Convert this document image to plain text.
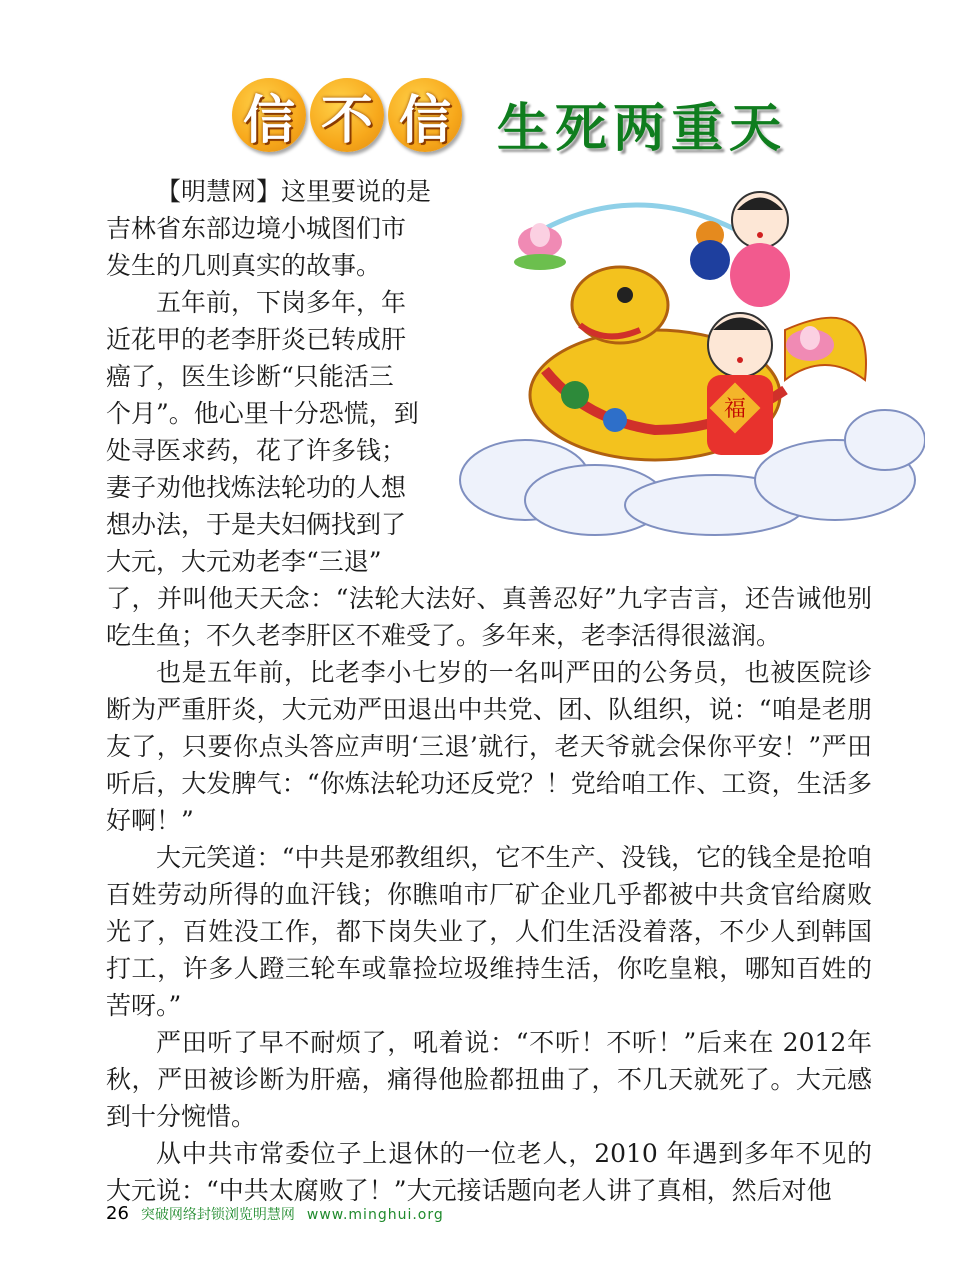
信 不 信 生死两重天
福
【明慧网】这里要说的是
吉林省东部边境小城图们市
发生的几则真实的故事。
五年前，下岗多年，年
近花甲的老李肝炎已转成肝
癌了，医生诊断“只能活三
个月”。他心里十分恐慌，到
处寻医求药，花了许多钱；
妻子劝他找炼法轮功的人想
想办法，于是夫妇俩找到了
大元，大元劝老李“三退”

了，并叫他天天念：“法轮大法好、真善忍好”九字吉言，还告诫他别吃生鱼；不久老李肝区不难受了。多年来，老李活得很滋润。

也是五年前，比老李小七岁的一名叫严田的公务员，也被医院诊断为严重肝炎，大元劝严田退出中共党、团、队组织，说：“咱是老朋友了，只要你点头答应声明‘三退’就行，老天爷就会保你平安！”严田听后，大发脾气：“你炼法轮功还反党？！党给咱工作、工资，生活多好啊！”

大元笑道：“中共是邪教组织，它不生产、没钱，它的钱全是抢咱百姓劳动所得的血汗钱；你瞧咱市厂矿企业几乎都被中共贪官给腐败光了，百姓没工作，都下岗失业了，人们生活没着落，不少人到韩国打工，许多人蹬三轮车或靠捡垃圾维持生活，你吃皇粮，哪知百姓的苦呀。”

严田听了早不耐烦了，吼着说：“不听！不听！”后来在 2012年秋，严田被诊断为肝癌，痛得他脸都扭曲了，不几天就死了。大元感到十分惋惜。

从中共市常委位子上退休的一位老人，2010 年遇到多年不见的大元说：“中共太腐败了！”大元接话题向老人讲了真相，然后对他

26 突破网络封锁浏览明慧网 www.minghui.org
